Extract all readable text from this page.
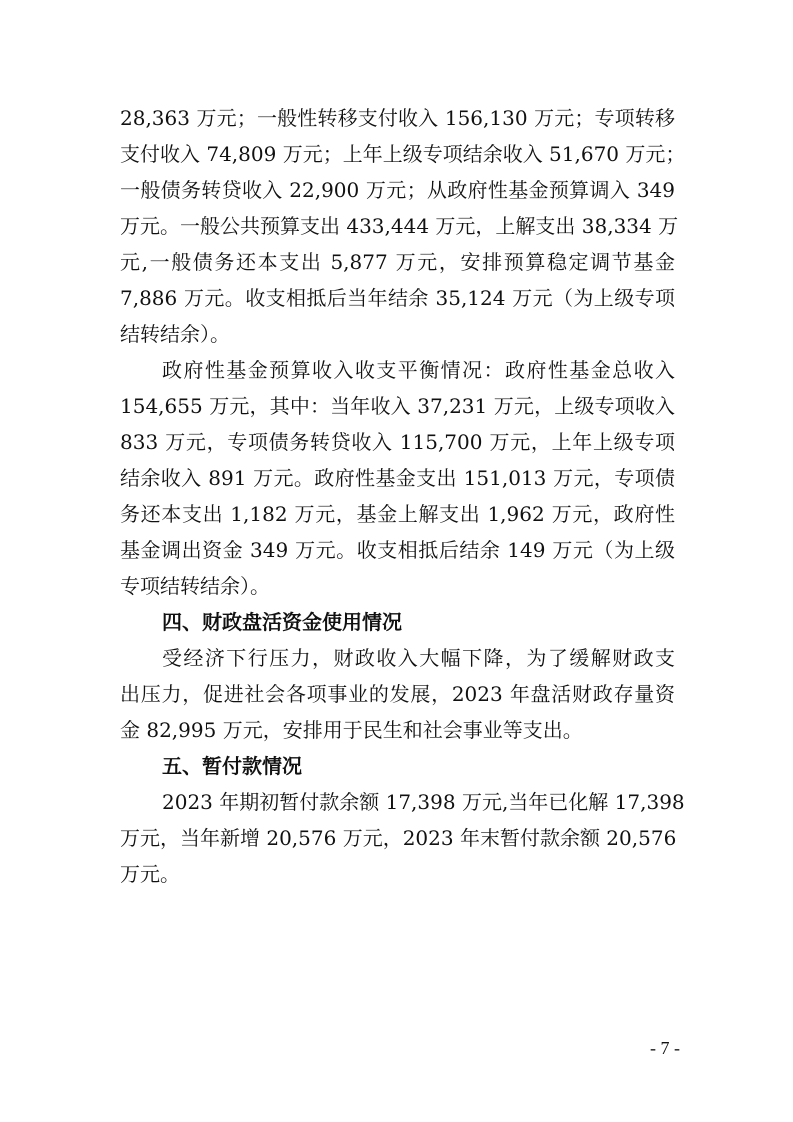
28,363 万元；一般性转移支付收入 156,130 万元；专项转移
支付收入 74,809 万元；上年上级专项结余收入 51,670 万元；
一般债务转贷收入 22,900 万元；从政府性基金预算调入 349
万元。一般公共预算支出 433,444 万元，上解支出 38,334 万
元,一般债务还本支出 5,877 万元，安排预算稳定调节基金
7,886 万元。收支相抵后当年结余 35,124 万元（为上级专项
结转结余）。
政府性基金预算收入收支平衡情况：政府性基金总收入
154,655 万元，其中：当年收入 37,231 万元，上级专项收入
833 万元，专项债务转贷收入 115,700 万元，上年上级专项
结余收入 891 万元。政府性基金支出 151,013 万元，专项债
务还本支出 1,182 万元，基金上解支出 1,962 万元，政府性
基金调出资金 349 万元。收支相抵后结余 149 万元（为上级
专项结转结余）。
四、财政盘活资金使用情况
受经济下行压力，财政收入大幅下降，为了缓解财政支
出压力，促进社会各项事业的发展，2023 年盘活财政存量资
金 82,995 万元，安排用于民生和社会事业等支出。
五、暂付款情况
2023 年期初暂付款余额 17,398 万元,当年已化解 17,398
万元，当年新增 20,576 万元，2023 年末暂付款余额 20,576
万元。
- 7 -
